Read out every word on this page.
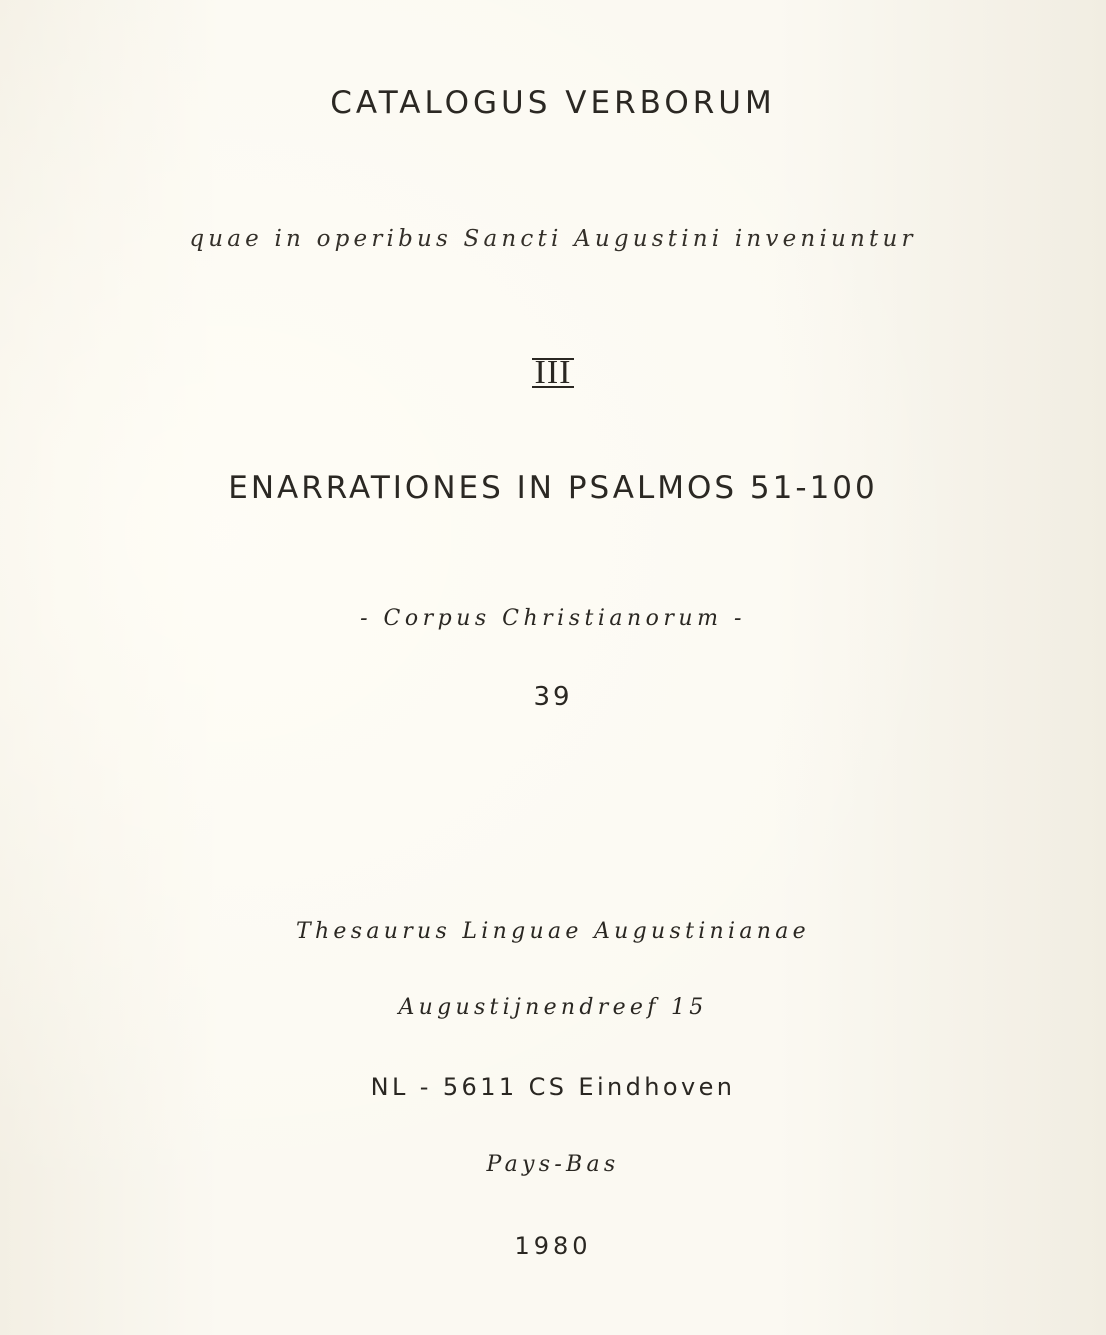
CATALOGUS VERBORUM
quae in operibus Sancti Augustini inveniuntur
III
ENARRATIONES IN PSALMOS 51-100
- Corpus Christianorum -
39
Thesaurus Linguae Augustinianae
Augustijnendreef 15
NL - 5611 CS Eindhoven
Pays-Bas
1980
